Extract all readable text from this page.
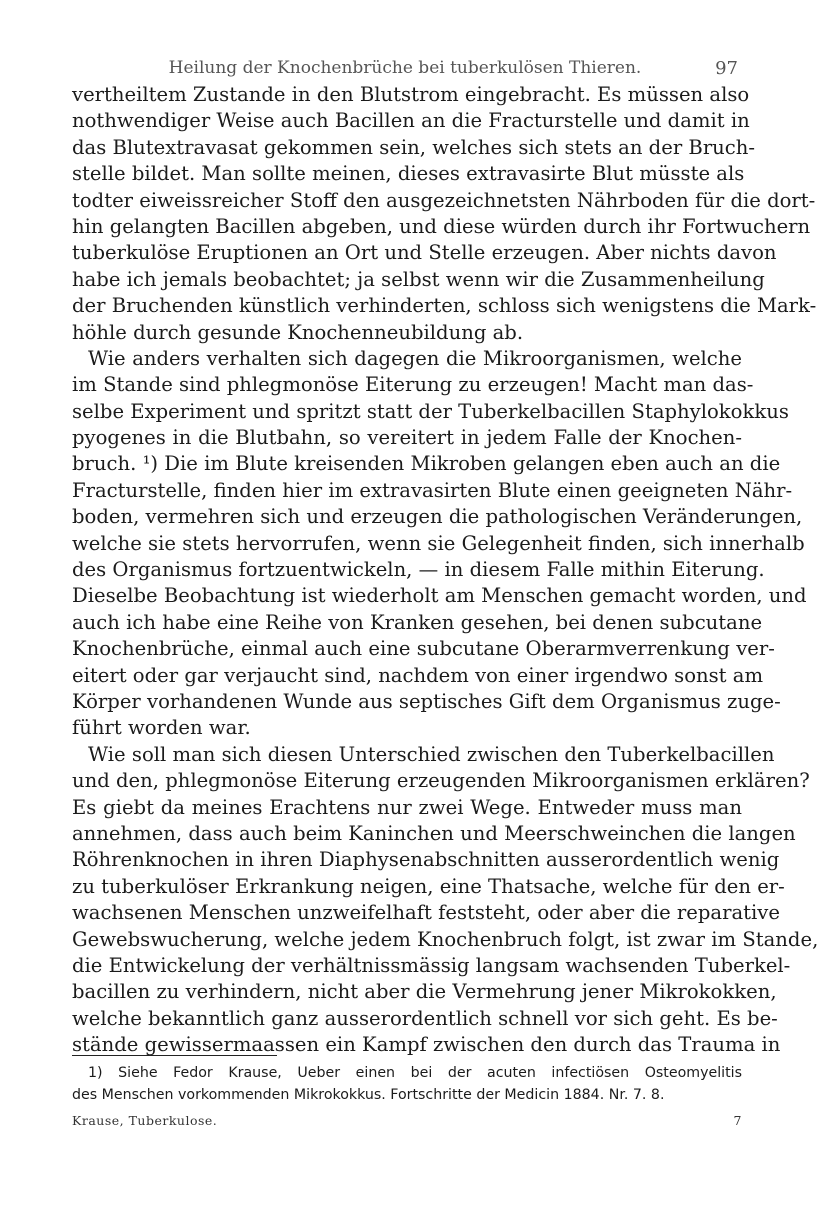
Heilung der Knochenbrüche bei tuberkulösen Thieren.	97
vertheiltem Zustande in den Blutstrom eingebracht. Es müssen also
nothwendiger Weise auch Bacillen an die Fracturstelle und damit in
das Blutextravasat gekommen sein, welches sich stets an der Bruch-
stelle bildet. Man sollte meinen, dieses extravasirte Blut müsste als
todter eiweissreicher Stoff den ausgezeichnetsten Nährboden für die dort-
hin gelangten Bacillen abgeben, und diese würden durch ihr Fortwuchern
tuberkulöse Eruptionen an Ort und Stelle erzeugen. Aber nichts davon
habe ich jemals beobachtet; ja selbst wenn wir die Zusammenheilung
der Bruchenden künstlich verhinderten, schloss sich wenigstens die Mark-
höhle durch gesunde Knochenneubildung ab.
Wie anders verhalten sich dagegen die Mikroorganismen, welche
im Stande sind phlegmonöse Eiterung zu erzeugen! Macht man das-
selbe Experiment und spritzt statt der Tuberkelbacillen Staphylokokkus
pyogenes in die Blutbahn, so vereitert in jedem Falle der Knochen-
bruch. ¹) Die im Blute kreisenden Mikroben gelangen eben auch an die
Fracturstelle, finden hier im extravasirten Blute einen geeigneten Nähr-
boden, vermehren sich und erzeugen die pathologischen Veränderungen,
welche sie stets hervorrufen, wenn sie Gelegenheit finden, sich innerhalb
des Organismus fortzuentwickeln, — in diesem Falle mithin Eiterung.
Dieselbe Beobachtung ist wiederholt am Menschen gemacht worden, und
auch ich habe eine Reihe von Kranken gesehen, bei denen subcutane
Knochenbrüche, einmal auch eine subcutane Oberarmverrenkung ver-
eitert oder gar verjaucht sind, nachdem von einer irgendwo sonst am
Körper vorhandenen Wunde aus septisches Gift dem Organismus zuge-
führt worden war.
Wie soll man sich diesen Unterschied zwischen den Tuberkelbacillen
und den, phlegmonöse Eiterung erzeugenden Mikroorganismen erklären?
Es giebt da meines Erachtens nur zwei Wege. Entweder muss man
annehmen, dass auch beim Kaninchen und Meerschweinchen die langen
Röhrenknochen in ihren Diaphysenabschnitten ausserordentlich wenig
zu tuberkulöser Erkrankung neigen, eine Thatsache, welche für den er-
wachsenen Menschen unzweifelhaft feststeht, oder aber die reparative
Gewebswucherung, welche jedem Knochenbruch folgt, ist zwar im Stande,
die Entwickelung der verhältnissmässig langsam wachsenden Tuberkel-
bacillen zu verhindern, nicht aber die Vermehrung jener Mikrokokken,
welche bekanntlich ganz ausserordentlich schnell vor sich geht. Es be-
stände gewissermaassen ein Kampf zwischen den durch das Trauma in
1) Siehe Fedor Krause, Ueber einen bei der acuten infectiösen Osteomyelitis
des Menschen vorkommenden Mikrokokkus. Fortschritte der Medicin 1884. Nr. 7. 8.
Krause, Tuberkulose.	7
